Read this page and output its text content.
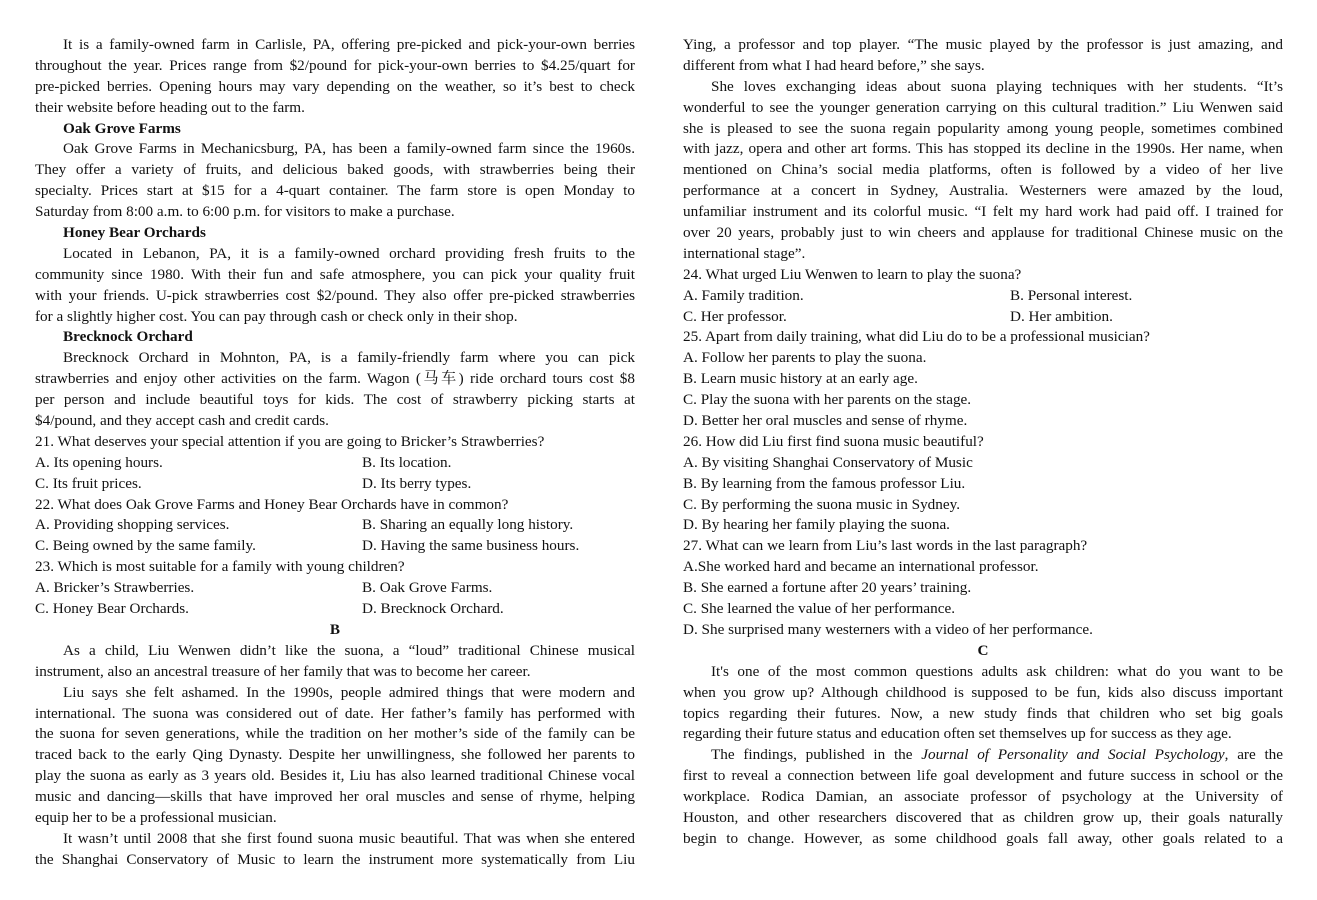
It is a family-owned farm in Carlisle, PA, offering pre-picked and pick-your-own berries
throughout the year. Prices range from $2/pound for pick-your-own berries to $4.25/quart for
pre-picked berries. Opening hours may vary depending on the weather, so it’s best to check
their website before heading out to the farm.
Oak Grove Farms
Oak Grove Farms in Mechanicsburg, PA, has been a family-owned farm since the 1960s.
They offer a variety of fruits, and delicious baked goods, with strawberries being their
specialty. Prices start at $15 for a 4-quart container. The farm store is open Monday to
Saturday from 8:00 a.m. to 6:00 p.m. for visitors to make a purchase.
Honey Bear Orchards
Located in Lebanon, PA, it is a family-owned orchard providing fresh fruits to the
community since 1980. With their fun and safe atmosphere, you can pick your quality fruit
with your friends. U-pick strawberries cost $2/pound. They also offer pre-picked strawberries
for a slightly higher cost. You can pay through cash or check only in their shop.
Brecknock Orchard
Brecknock Orchard in Mohnton, PA, is a family-friendly farm where you can pick
strawberries and enjoy other activities on the farm. Wagon (马车) ride orchard tours cost $8
per person and include beautiful toys for kids. The cost of strawberry picking starts at
$4/pound, and they accept cash and credit cards.
21. What deserves your special attention if you are going to Bricker’s Strawberries?
A. Its opening hours.	B. Its location.
C. Its fruit prices.	D. Its berry types.
22. What does Oak Grove Farms and Honey Bear Orchards have in common?
A. Providing shopping services.	B. Sharing an equally long history.
C. Being owned by the same family.	D. Having the same business hours.
23. Which is most suitable for a family with young children?
A. Bricker’s Strawberries.	B. Oak Grove Farms.
C. Honey Bear Orchards.	D. Brecknock Orchard.
B
As a child, Liu Wenwen didn’t like the suona, a “loud” traditional Chinese musical
instrument, also an ancestral treasure of her family that was to become her career.
Liu says she felt ashamed. In the 1990s, people admired things that were modern and
international. The suona was considered out of date. Her father’s family has performed with
the suona for seven generations, while the tradition on her mother’s side of the family can be
traced back to the early Qing Dynasty. Despite her unwillingness, she followed her parents to
play the suona as early as 3 years old. Besides it, Liu has also learned traditional Chinese vocal
music and dancing—skills that have improved her oral muscles and sense of rhyme, helping
equip her to be a professional musician.
It wasn’t until 2008 that she first found suona music beautiful. That was when she entered
the Shanghai Conservatory of Music to learn the instrument more systematically from Liu
Ying, a professor and top player. “The music played by the professor is just amazing, and
different from what I had heard before,” she says.
She loves exchanging ideas about suona playing techniques with her students. “It’s
wonderful to see the younger generation carrying on this cultural tradition.” Liu Wenwen said
she is pleased to see the suona regain popularity among young people, sometimes combined
with jazz, opera and other art forms. This has stopped its decline in the 1990s. Her name, when
mentioned on China’s social media platforms, often is followed by a video of her live
performance at a concert in Sydney, Australia. Westerners were amazed by the loud,
unfamiliar instrument and its colorful music. “I felt my hard work had paid off. I trained for
over 20 years, probably just to win cheers and applause for traditional Chinese music on the
international stage”.
24. What urged Liu Wenwen to learn to play the suona?
A. Family tradition.	B. Personal interest.
C. Her professor.	D. Her ambition.
25. Apart from daily training, what did Liu do to be a professional musician?
A. Follow her parents to play the suona.
B. Learn music history at an early age.
C. Play the suona with her parents on the stage.
D. Better her oral muscles and sense of rhyme.
26. How did Liu first find suona music beautiful?
A. By visiting Shanghai Conservatory of Music
B. By learning from the famous professor Liu.
C. By performing the suona music in Sydney.
D. By hearing her family playing the suona.
27. What can we learn from Liu’s last words in the last paragraph?
A.She worked hard and became an international professor.
B. She earned a fortune after 20 years’ training.
C. She learned the value of her performance.
D. She surprised many westerners with a video of her performance.
C
It's one of the most common questions adults ask children: what do you want to be
when you grow up? Although childhood is supposed to be fun, kids also discuss important
topics regarding their futures. Now, a new study finds that children who set big goals
regarding their future status and education often set themselves up for success as they age.
The findings, published in the Journal of Personality and Social Psychology, are the
first to reveal a connection between life goal development and future success in school or the
workplace. Rodica Damian, an associate professor of psychology at the University of
Houston, and other researchers discovered that as children grow up, their goals naturally
begin to change. However, as some childhood goals fall away, other goals related to a
